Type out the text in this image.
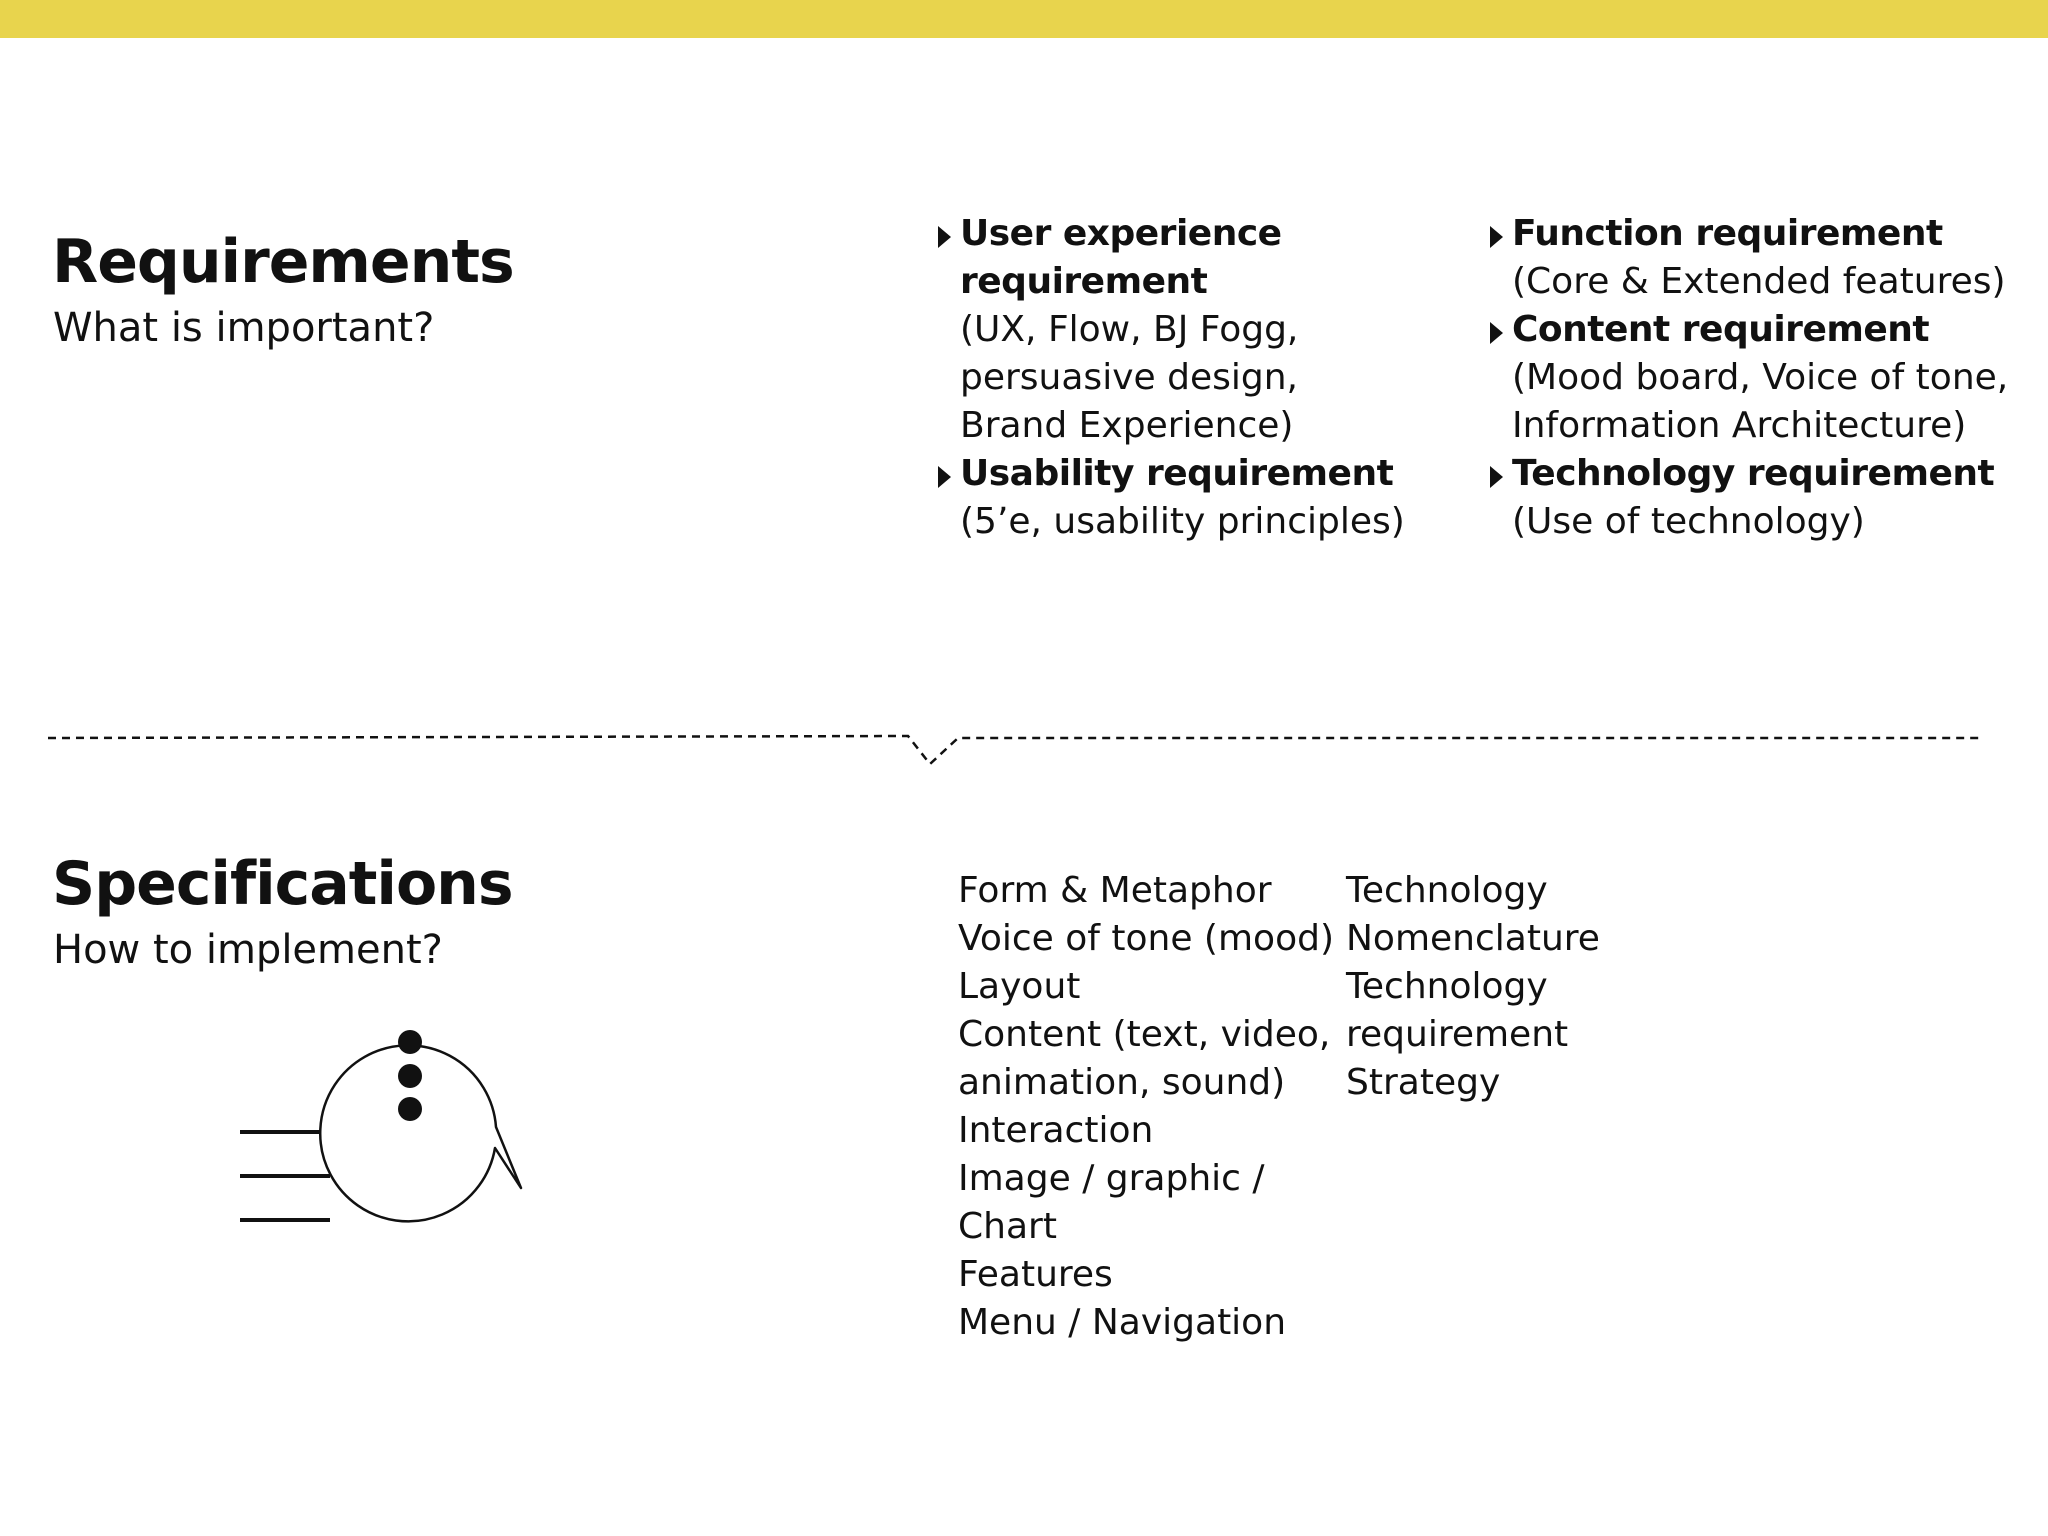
Requirements

What is important?

User experience requirement
(UX, Flow, BJ Fogg, persuasive design, Brand Experience)
Usability requirement
(5’e, usability principles)
Function requirement
(Core & Extended features)
Content requirement
(Mood board, Voice of tone, Information Architecture)
Technology requirement
(Use of technology)
Specifications

How to implement?

Form & Metaphor
Voice of tone (mood)
Layout
Content (text, video,
animation, sound)
Interaction
Image / graphic /
Chart
Features
Menu / Navigation
Technology
Nomenclature
Technology
requirement
Strategy
